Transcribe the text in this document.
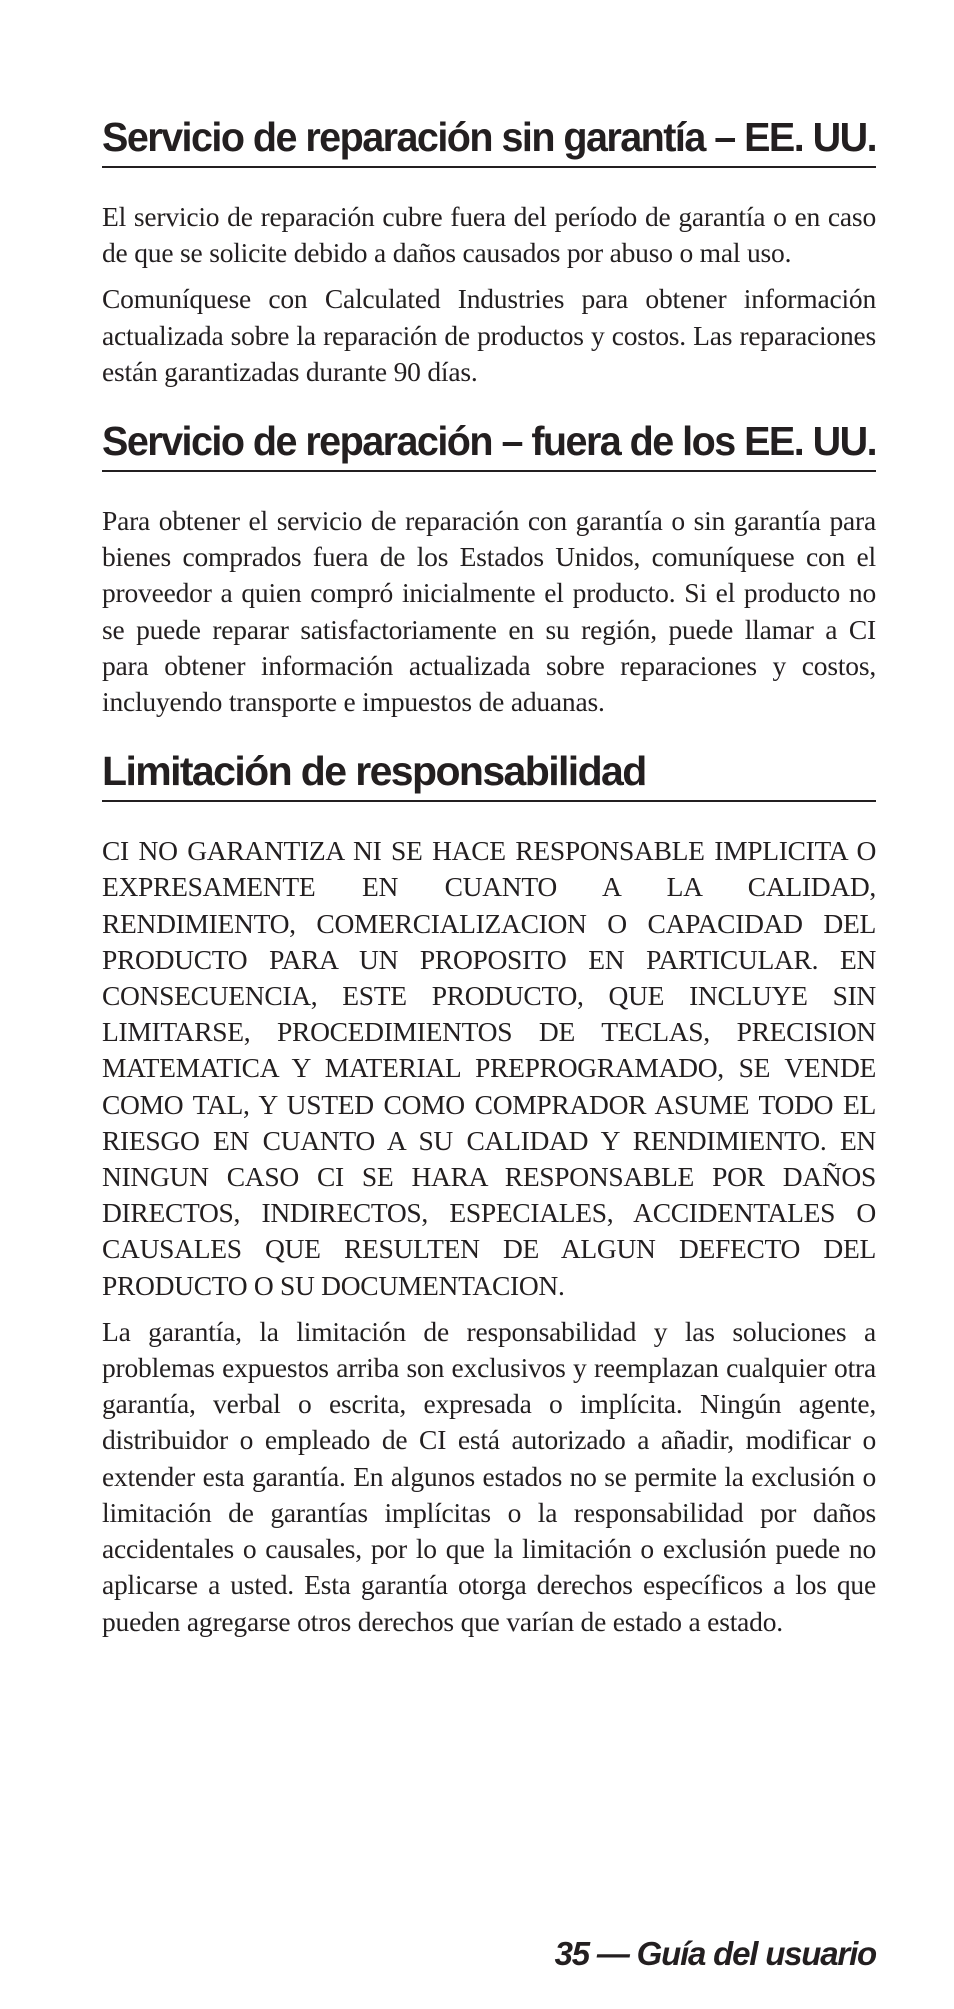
Servicio de reparación sin garantía – EE. UU.

El servicio de reparación cubre fuera del período de garantía o en caso de que se solicite debido a daños causados por abuso o mal uso.

Comuníquese con Calculated Industries para obtener información actualizada sobre la reparación de productos y costos. Las reparaciones están garantizadas durante 90 días.

Servicio de reparación – fuera de los EE. UU.

Para obtener el servicio de reparación con garantía o sin garantía para bienes comprados fuera de los Estados Unidos, comuníquese con el proveedor a quien compró inicialmente el producto. Si el producto no se puede reparar satisfactoriamente en su región, puede llamar a CI para obtener información actualizada sobre reparaciones y costos, incluyendo transporte e impuestos de aduanas.

Limitación de responsabilidad

CI NO GARANTIZA NI SE HACE RESPONSABLE IMPLICITA O EXPRESAMENTE EN CUANTO A LA CALIDAD, RENDIMIENTO, COMERCIALIZACION O CAPACIDAD DEL PRODUCTO PARA UN PROPOSITO EN PARTICULAR. EN CONSECUENCIA, ESTE PRODUCTO, QUE INCLUYE SIN LIMITARSE, PROCEDIMIENTOS DE TECLAS, PRECISION MATEMATICA Y MATERIAL PREPROGRAMADO, SE VENDE COMO TAL, Y USTED COMO COMPRADOR ASUME TODO EL RIESGO EN CUANTO A SU CALIDAD Y RENDIMIENTO. EN NINGUN CASO CI SE HARA RESPONSABLE POR DAÑOS DIRECTOS, INDIRECTOS, ESPECIALES, ACCIDENTALES O CAUSALES QUE RESULTEN DE ALGUN DEFECTO DEL PRODUCTO O SU DOCUMENTACION.

La garantía, la limitación de responsabilidad y las soluciones a problemas expuestos arriba son exclusivos y reemplazan cualquier otra garantía, verbal o escrita, expresada o implícita. Ningún agente, distribuidor o empleado de CI está autorizado a añadir, modificar o extender esta garantía. En algunos estados no se permite la exclusión o limitación de garantías implícitas o la responsabilidad por daños accidentales o causales, por lo que la limitación o exclusión puede no aplicarse a usted. Esta garantía otorga derechos específicos a los que pueden agregarse otros derechos que varían de estado a estado.

35 — Guía del usuario
